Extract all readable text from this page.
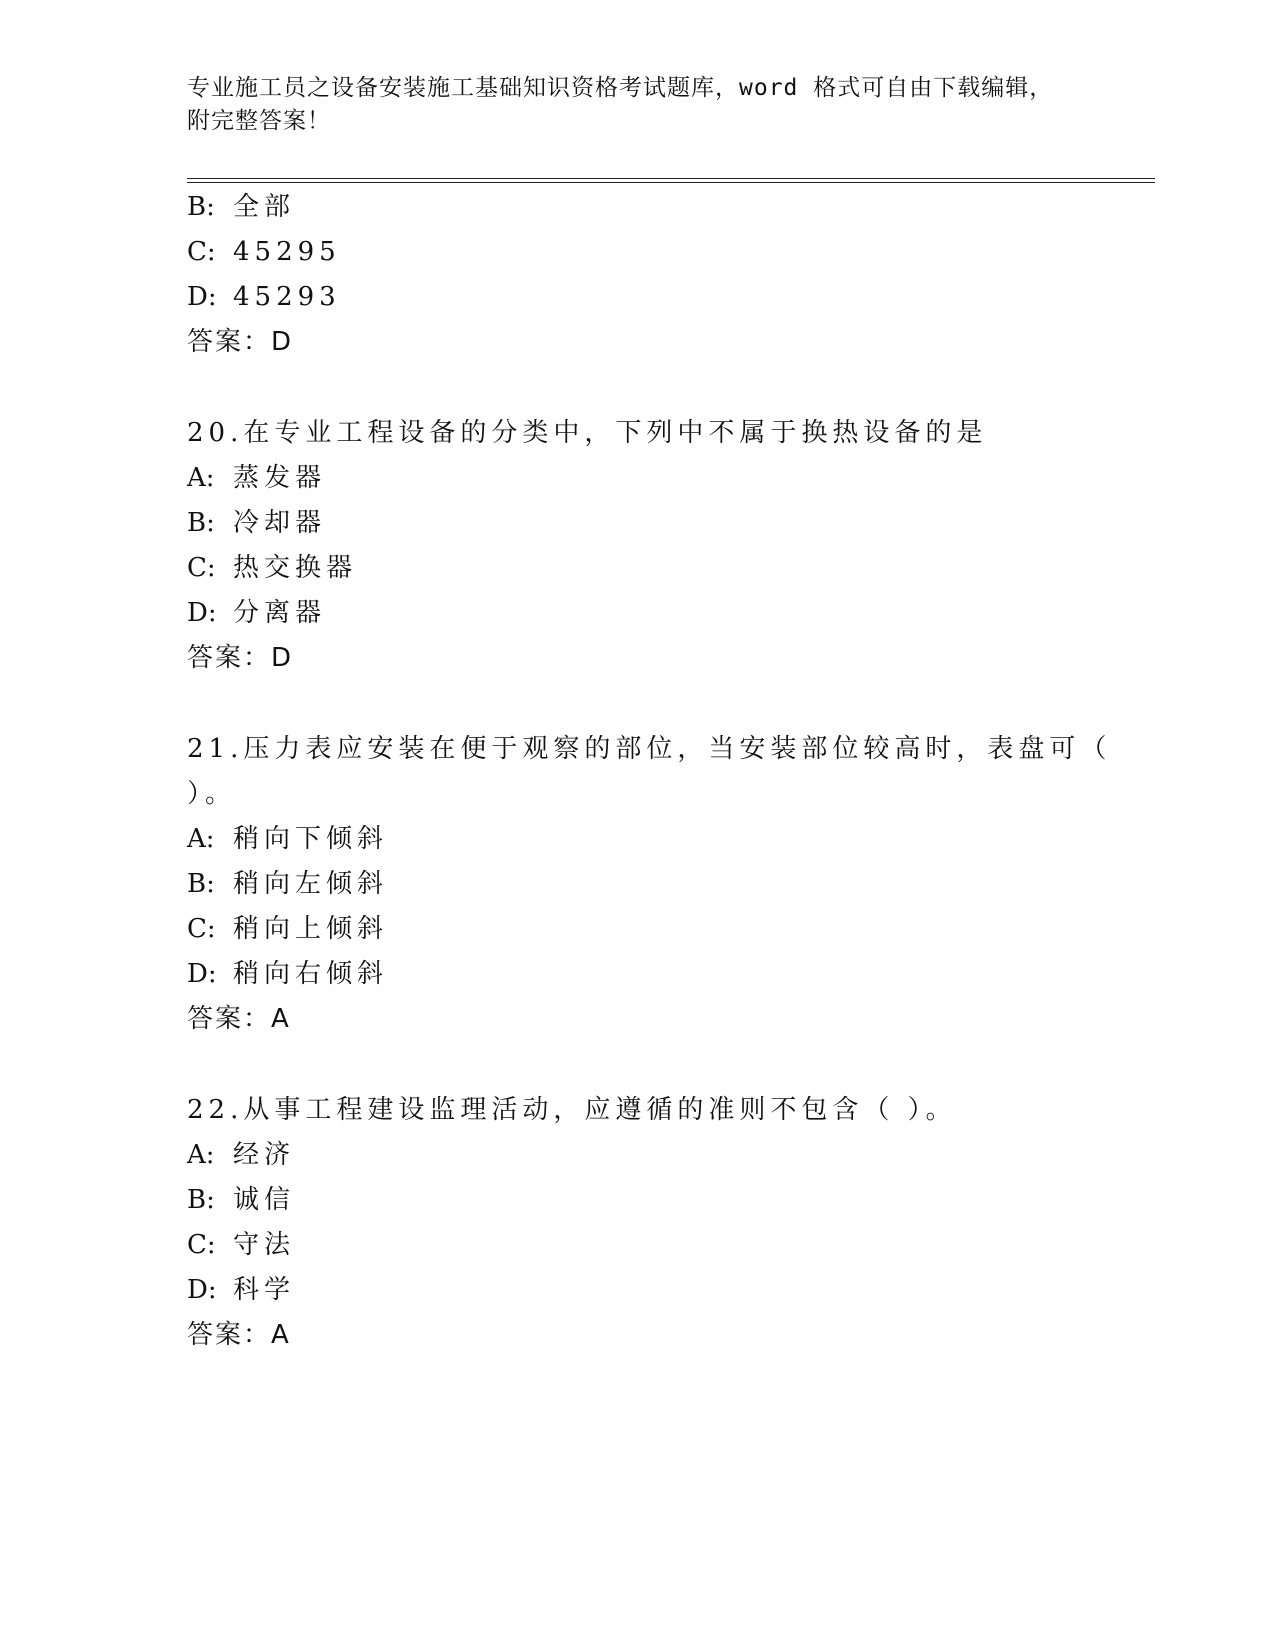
专业施工员之设备安装施工基础知识资格考试题库，word 格式可自由下载编辑，
附完整答案！
B: 全部
C: 45295
D: 45293
答案：D
20.在专业工程设备的分类中，下列中不属于换热设备的是
A: 蒸发器
B: 冷却器
C: 热交换器
D: 分离器
答案：D
21.压力表应安装在便于观察的部位，当安装部位较高时，表盘可（
）。
A: 稍向下倾斜
B: 稍向左倾斜
C: 稍向上倾斜
D: 稍向右倾斜
答案：A
22.从事工程建设监理活动，应遵循的准则不包含（ ）。
A: 经济
B: 诚信
C: 守法
D: 科学
答案：A
